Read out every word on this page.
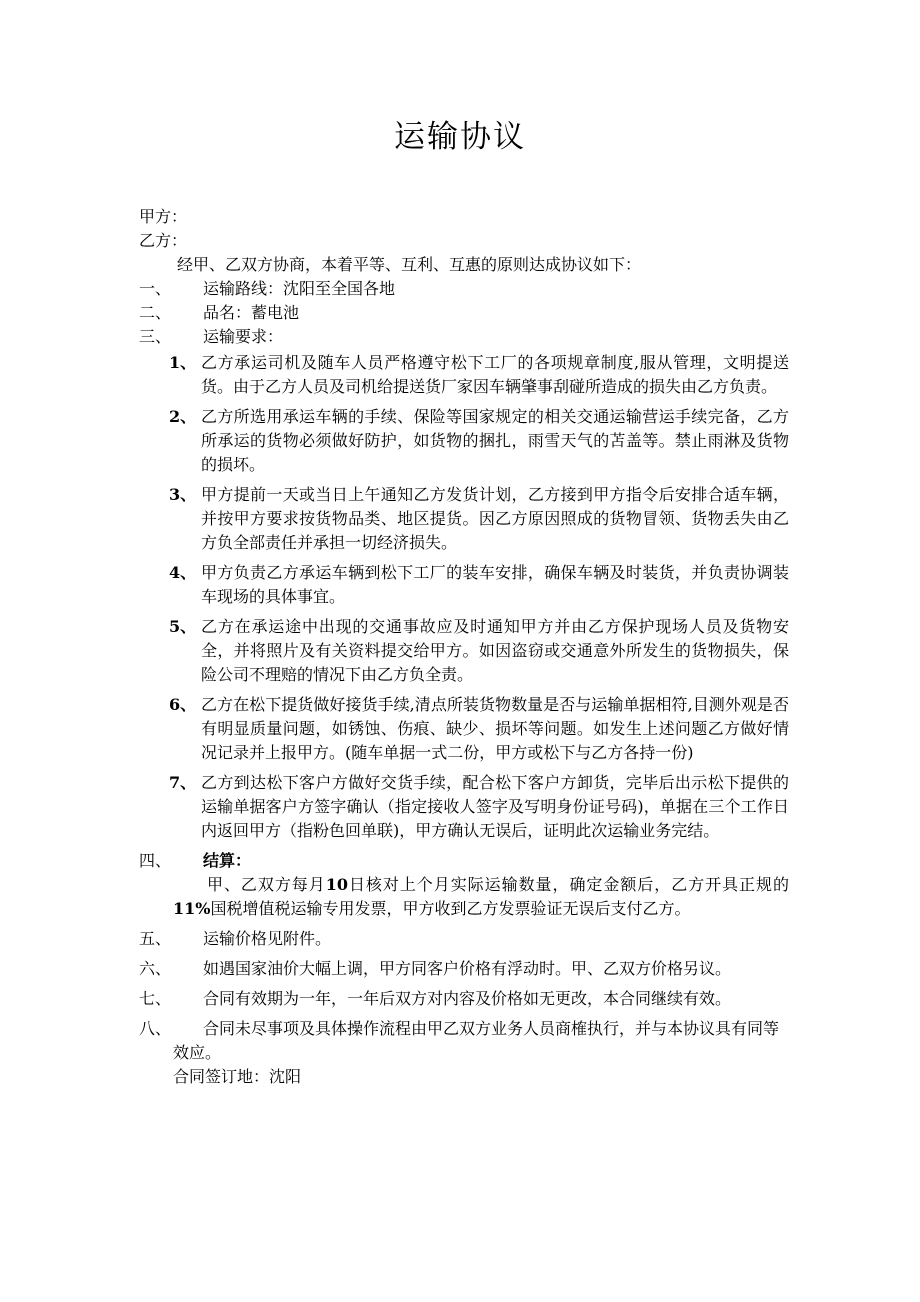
运输协议
甲方：
乙方：
经甲、乙双方协商，本着平等、互利、互惠的原则达成协议如下：
一、	运输路线：沈阳至全国各地
二、	品名：蓄电池
三、	运输要求：
1、 乙方承运司机及随车人员严格遵守松下工厂的各项规章制度,服从管理，文明提送货。由于乙方人员及司机给提送货厂家因车辆肇事刮碰所造成的损失由乙方负责。
2、 乙方所选用承运车辆的手续、保险等国家规定的相关交通运输营运手续完备，乙方所承运的货物必须做好防护，如货物的捆扎，雨雪天气的苫盖等。禁止雨淋及货物的损坏。
3、 甲方提前一天或当日上午通知乙方发货计划，乙方接到甲方指令后安排合适车辆，并按甲方要求按货物品类、地区提货。因乙方原因照成的货物冒领、货物丢失由乙方负全部责任并承担一切经济损失。
4、 甲方负责乙方承运车辆到松下工厂的装车安排，确保车辆及时装货，并负责协调装车现场的具体事宜。
5、 乙方在承运途中出现的交通事故应及时通知甲方并由乙方保护现场人员及货物安全，并将照片及有关资料提交给甲方。如因盗窃或交通意外所发生的货物损失，保险公司不理赔的情况下由乙方负全责。
6、 乙方在松下提货做好接货手续,清点所装货物数量是否与运输单据相符,目测外观是否有明显质量问题，如锈蚀、伤痕、缺少、损坏等问题。如发生上述问题乙方做好情况记录并上报甲方。(随车单据一式二份，甲方或松下与乙方各持一份)
7、 乙方到达松下客户方做好交货手续，配合松下客户方卸货，完毕后出示松下提供的运输单据客户方签字确认（指定接收人签字及写明身份证号码)，单据在三个工作日内返回甲方（指粉色回单联)，甲方确认无误后，证明此次运输业务完结。
四、	结算：
甲、乙双方每月10日核对上个月实际运输数量，确定金额后，乙方开具正规的11%国税增值税运输专用发票，甲方收到乙方发票验证无误后支付乙方。
五、	运输价格见附件。
六、	如遇国家油价大幅上调，甲方同客户价格有浮动时。甲、乙双方价格另议。
七、	合同有效期为一年，一年后双方对内容及价格如无更改，本合同继续有效。
八、	合同未尽事项及具体操作流程由甲乙双方业务人员商榷执行，并与本协议具有同等效应。
合同签订地：沈阳
